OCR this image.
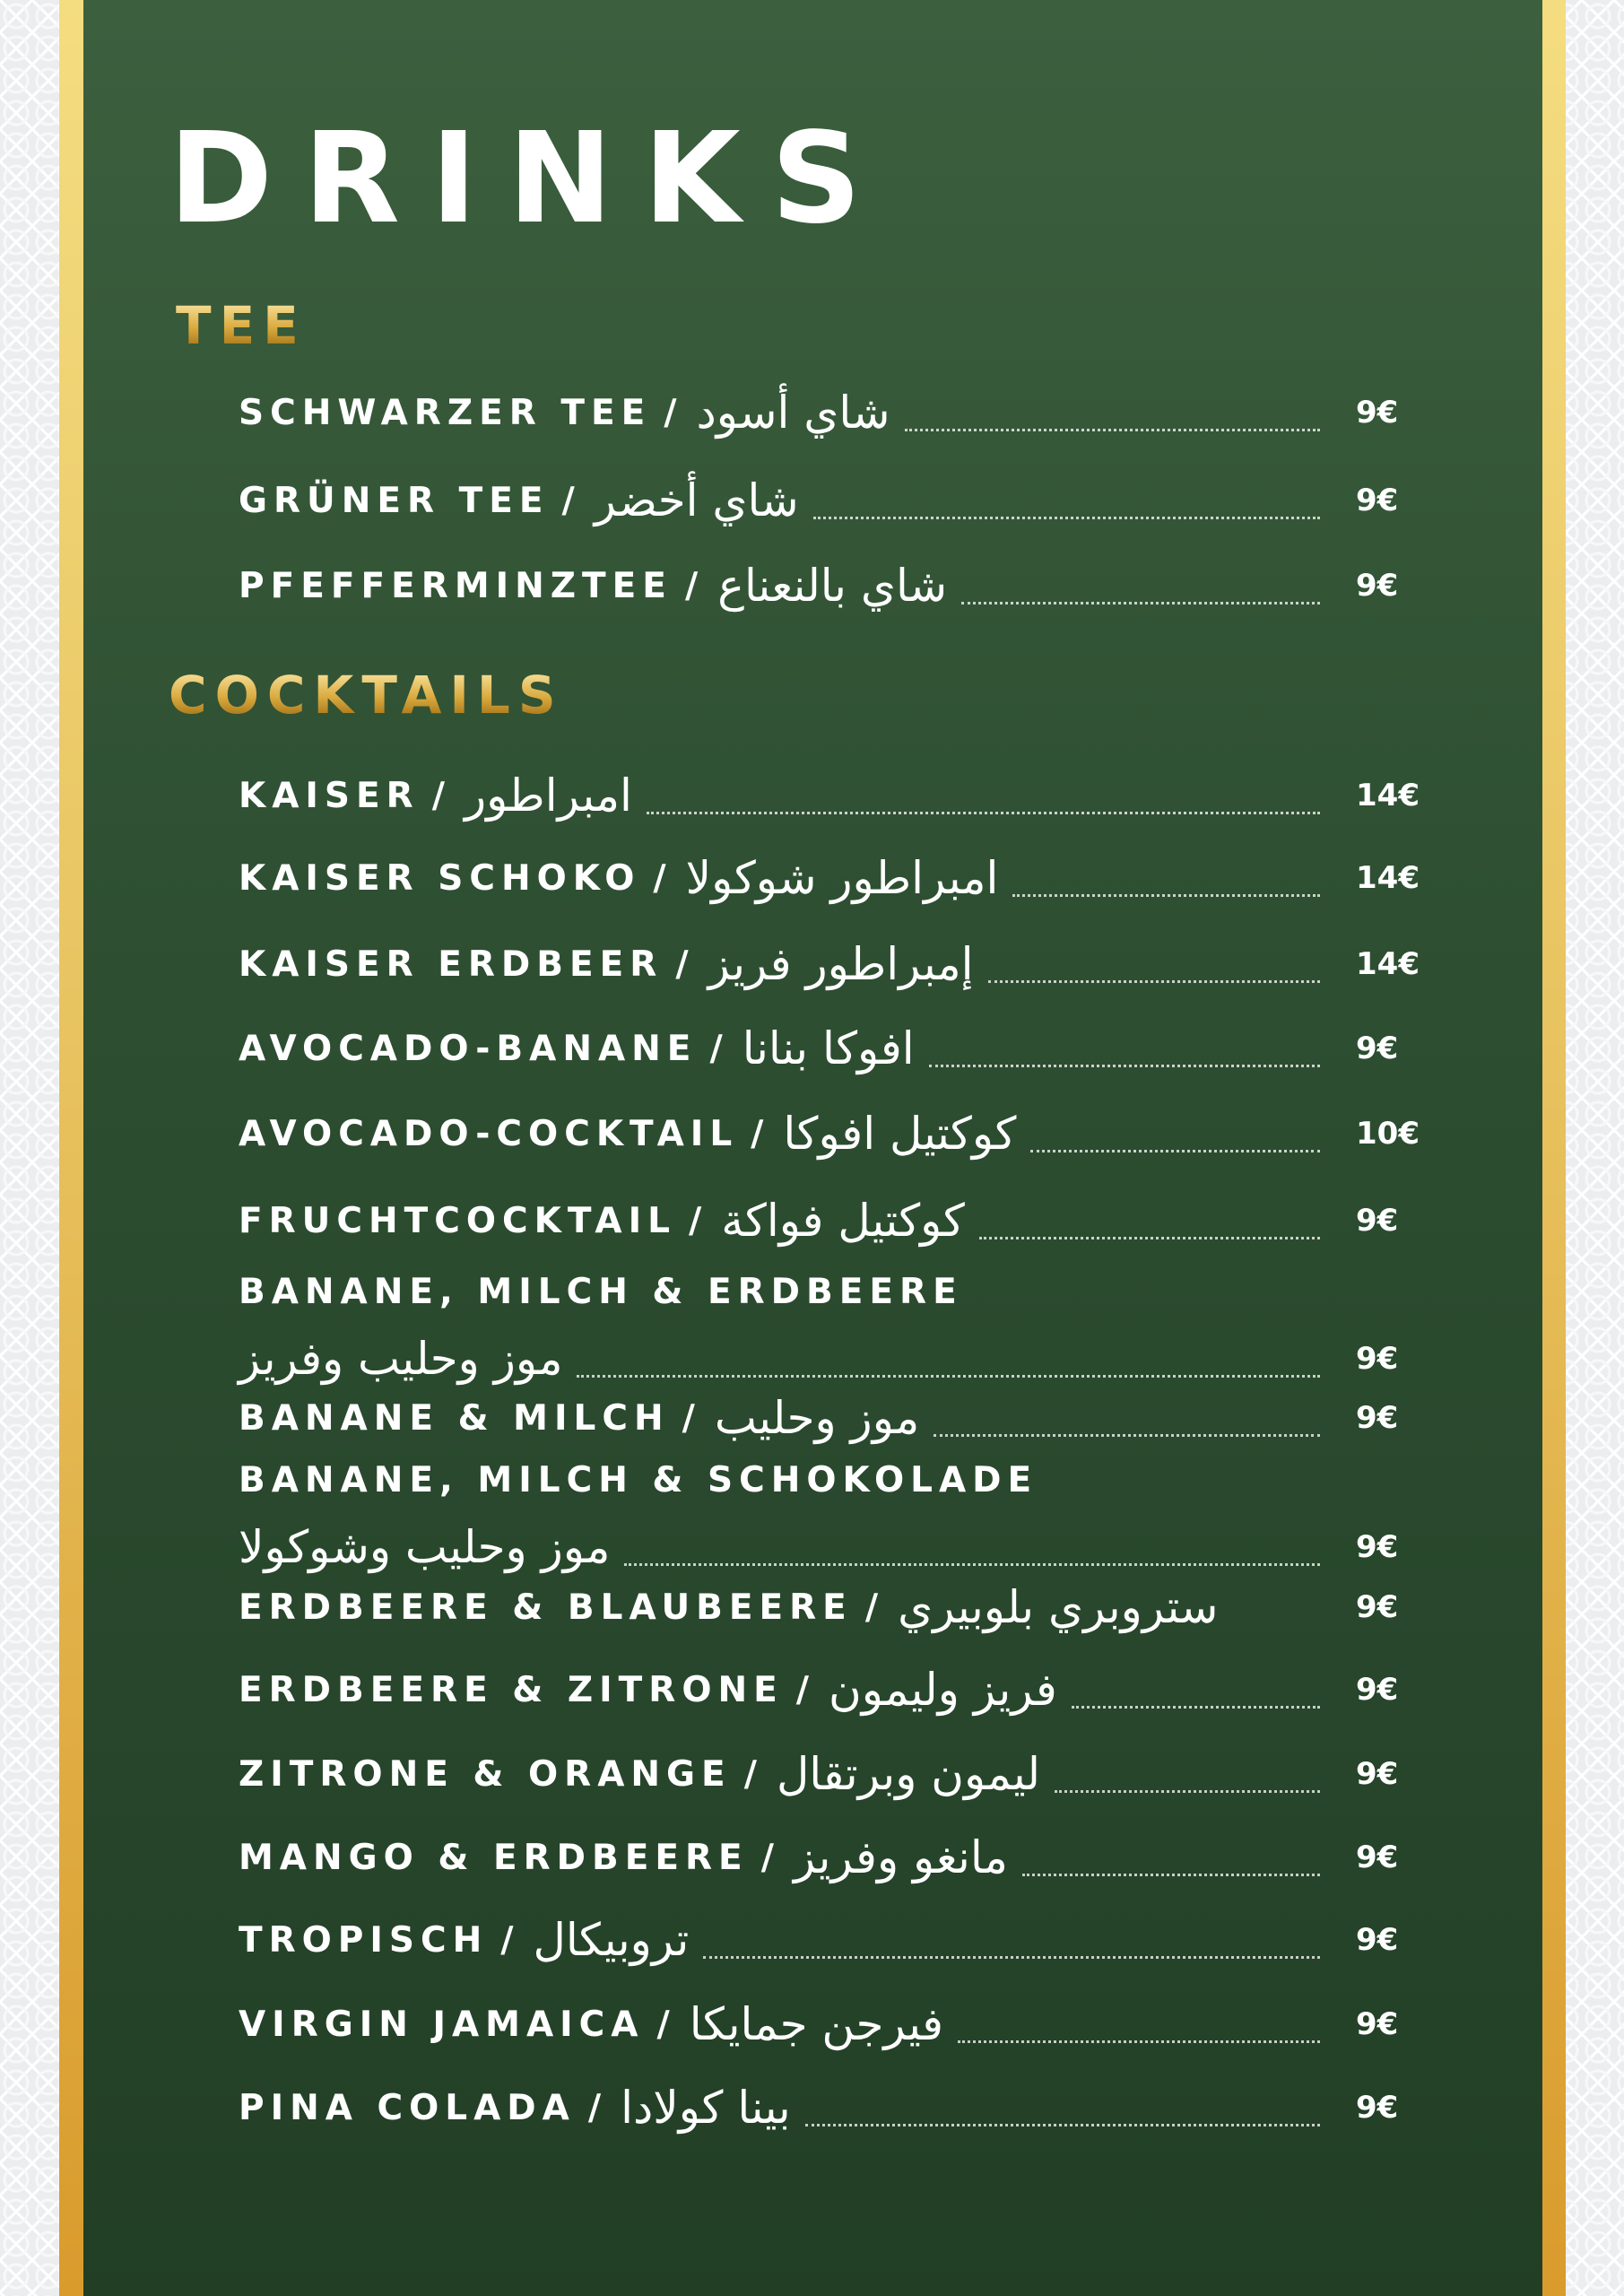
DRINKS
TEE
SCHWARZER TEE / شاي أسود	9€
GRÜNER TEE / شاي أخضر	9€
PFEFFERMINZTEE / شاي بالنعناع	9€
COCKTAILS
KAISER / امبراطور	14€
KAISER SCHOKO / امبراطور شوكولا	14€
KAISER ERDBEER / إمبراطور فريز	14€
AVOCADO-BANANE / افوكا بنانا	9€
AVOCADO-COCKTAIL / كوكتيل افوكا	10€
FRUCHTCOCKTAIL / كوكتيل فواكة	9€
BANANE, MILCH & ERDBEERE
موز وحليب وفريز	9€
BANANE & MILCH / موز وحليب	9€
BANANE, MILCH & SCHOKOLADE
موز وحليب وشوكولا	9€
ERDBEERE & BLAUBEERE / ستروبري بلوبيري	9€
ERDBEERE & ZITRONE / فريز وليمون	9€
ZITRONE & ORANGE / ليمون وبرتقال	9€
MANGO & ERDBEERE / مانغو وفريز	9€
TROPISCH / تروبيكال	9€
VIRGIN JAMAICA / فيرجن جمايكا	9€
PINA COLADA / بينا كولادا	9€
